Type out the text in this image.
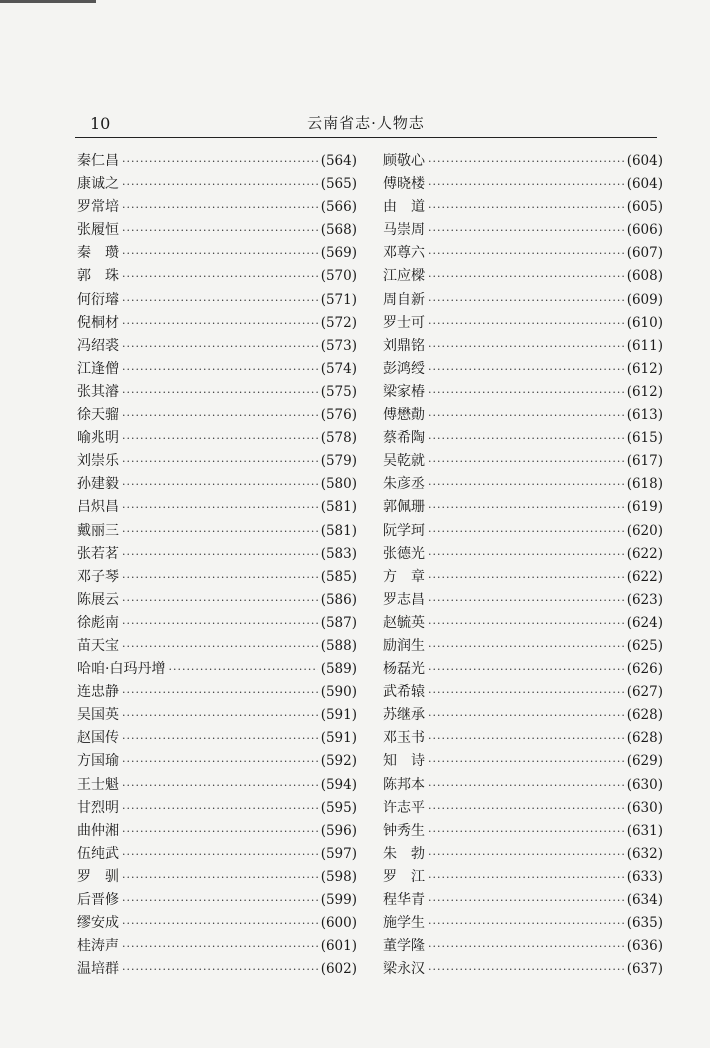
10	云南省志·人物志
秦仁昌 ·····	(564)
康诚之 ·····	(565)
罗常培 ·····	(566)
张履恒 ·····	(568)
秦　瓒 ·····	(569)
郭　珠 ·····	(570)
何衍璿 ·····	(571)
倪桐材 ·····	(572)
冯绍裘 ·····	(573)
江逢僧 ·····	(574)
张其濬 ·····	(575)
徐天骝 ·····	(576)
喻兆明 ·····	(578)
刘崇乐 ·····	(579)
孙建毅 ·····	(580)
吕炽昌 ·····	(581)
戴丽三 ·····	(581)
张若茗 ·····	(583)
邓子琴 ·····	(585)
陈展云 ·····	(586)
徐彪南 ·····	(587)
苗天宝 ·····	(588)
哈咱·白玛丹增 ·····	(589)
连忠静 ·····	(590)
吴国英 ·····	(591)
赵国传 ·····	(591)
方国瑜 ·····	(592)
王士魁 ·····	(594)
甘烈明 ·····	(595)
曲仲湘 ·····	(596)
伍纯武 ·····	(597)
罗　驯 ·····	(598)
后晋修 ·····	(599)
缪安成 ·····	(600)
桂涛声 ·····	(601)
温培群 ·····	(602)
顾敬心 ·····	(604)
傅晓楼 ·····	(604)
由　道 ·····	(605)
马崇周 ·····	(606)
邓尊六 ·····	(607)
江应樑 ·····	(608)
周自新 ·····	(609)
罗士可 ·····	(610)
刘鼎铭 ·····	(611)
彭鸿绶 ·····	(612)
梁家椿 ·····	(612)
傅懋勣 ·····	(613)
蔡希陶 ·····	(615)
吴乾就 ·····	(617)
朱彦丞 ·····	(618)
郭佩珊 ·····	(619)
阮学珂 ·····	(620)
张德光 ·····	(622)
方　章 ·····	(622)
罗志昌 ·····	(623)
赵毓英 ·····	(624)
励润生 ·····	(625)
杨磊光 ·····	(626)
武希辕 ·····	(627)
苏继承 ·····	(628)
邓玉书 ·····	(628)
知　诗 ·····	(629)
陈邦本 ·····	(630)
许志平 ·····	(630)
钟秀生 ·····	(631)
朱　勃 ·····	(632)
罗　江 ·····	(633)
程华青 ·····	(634)
施学生 ·····	(635)
董学隆 ·····	(636)
梁永汉 ·····	(637)
